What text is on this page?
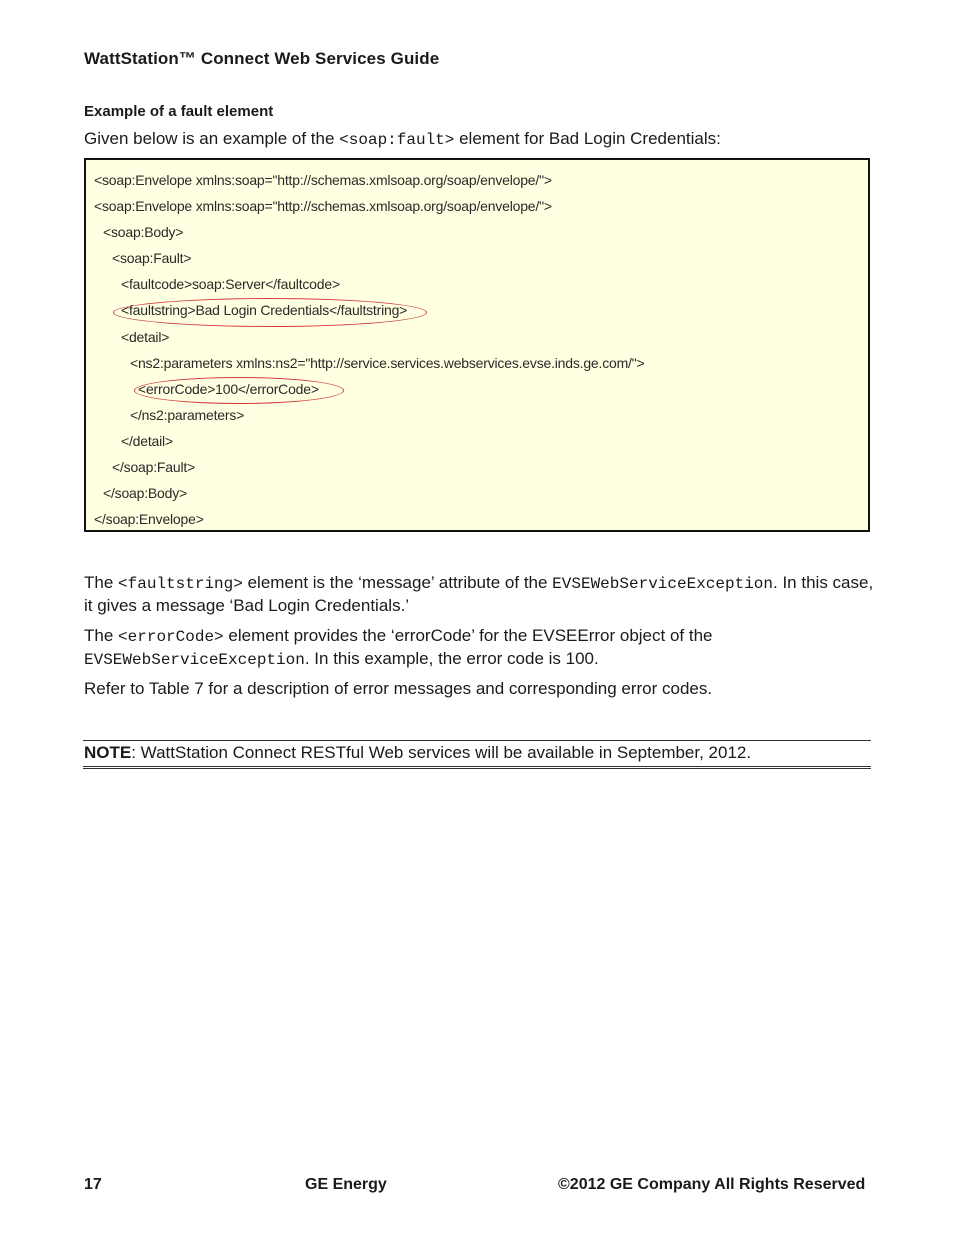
WattStation™ Connect Web Services Guide
Example of a fault element
Given below is an example of the <soap:fault> element for Bad Login Credentials:
<soap:Envelope xmlns:soap="http://schemas.xmlsoap.org/soap/envelope/">
<soap:Envelope xmlns:soap="http://schemas.xmlsoap.org/soap/envelope/">
<soap:Body>
<soap:Fault>
<faultcode>soap:Server</faultcode>
<faultstring>Bad Login Credentials</faultstring>
<detail>
<ns2:parameters xmlns:ns2="http://service.services.webservices.evse.inds.ge.com/">
<errorCode>100</errorCode>
</ns2:parameters>
</detail>
</soap:Fault>
</soap:Body>
</soap:Envelope>
The <faultstring> element is the ‘message’ attribute of the EVSEWebServiceException. In this case, it gives a message ‘Bad Login Credentials.’
The <errorCode> element provides the ‘errorCode’ for the EVSEError object of the EVSEWebServiceException. In this example, the error code is 100.
Refer to Table 7 for a description of error messages and corresponding error codes.
NOTE: WattStation Connect RESTful Web services will be available in September, 2012.
17	GE Energy	©2012 GE Company All Rights Reserved
